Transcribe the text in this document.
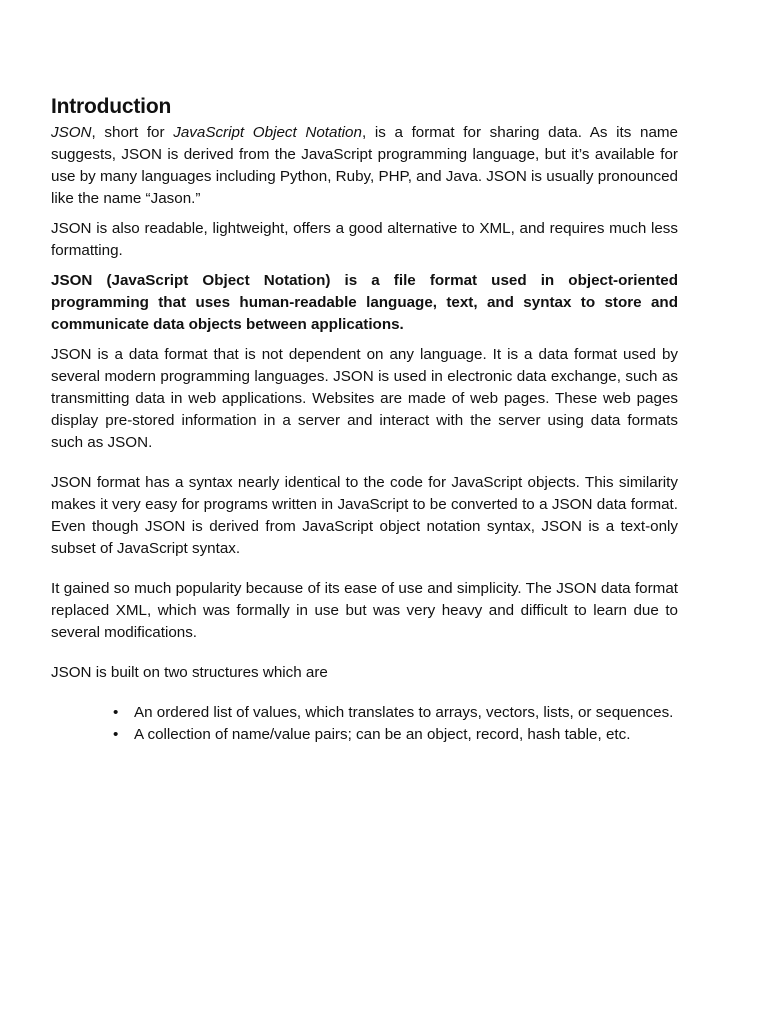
Introduction

JSON, short for JavaScript Object Notation, is a format for sharing data. As its name suggests, JSON is derived from the JavaScript programming language, but it’s available for use by many languages including Python, Ruby, PHP, and Java. JSON is usually pronounced like the name “Jason.”

JSON is also readable, lightweight, offers a good alternative to XML, and requires much less formatting.

JSON (JavaScript Object Notation) is a file format used in object-oriented programming that uses human-readable language, text, and syntax to store and communicate data objects between applications.

JSON is a data format that is not dependent on any language. It is a data format used by several modern programming languages. JSON is used in electronic data exchange, such as transmitting data in web applications. Websites are made of web pages. These web pages display pre-stored information in a server and interact with the server using data formats such as JSON.

JSON format has a syntax nearly identical to the code for JavaScript objects. This similarity makes it very easy for programs written in JavaScript to be converted to a JSON data format. Even though JSON is derived from JavaScript object notation syntax, JSON is a text-only subset of JavaScript syntax.

It gained so much popularity because of its ease of use and simplicity. The JSON data format replaced XML, which was formally in use but was very heavy and difficult to learn due to several modifications.

JSON is built on two structures which are

• An ordered list of values, which translates to arrays, vectors, lists, or sequences.
• A collection of name/value pairs; can be an object, record, hash table, etc.
